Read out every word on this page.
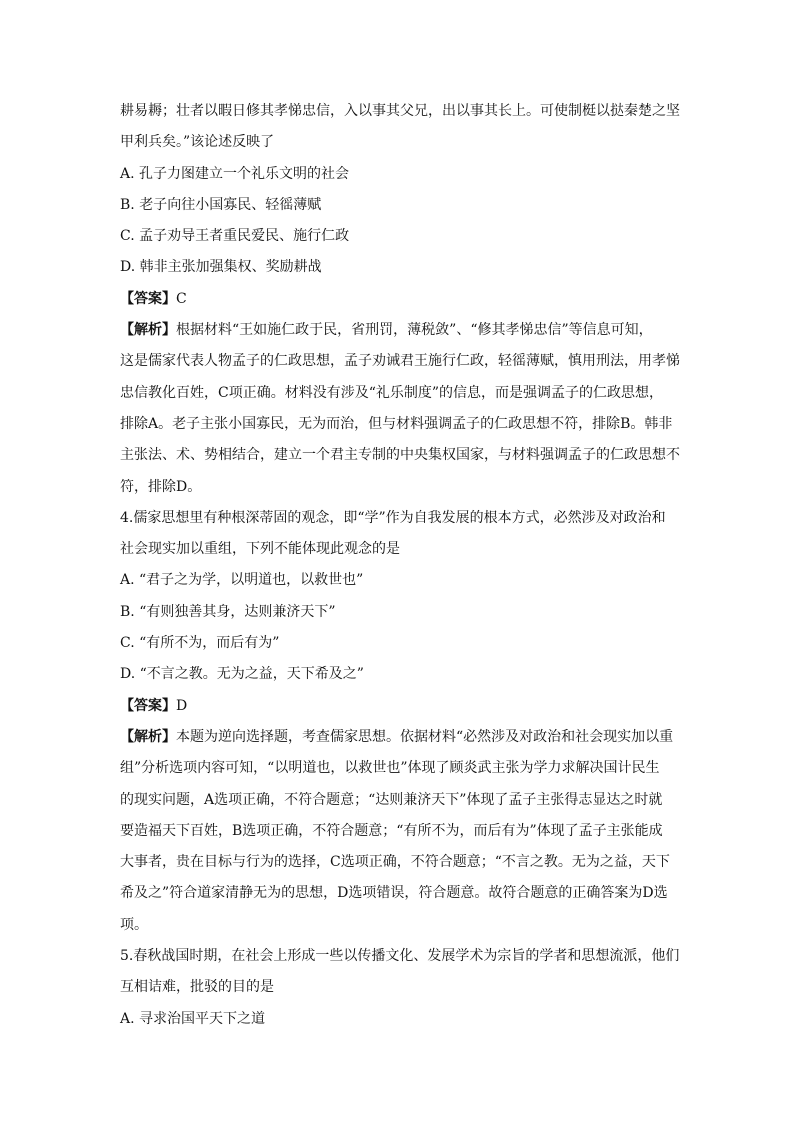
耕易耨；壮者以暇日修其孝悌忠信，入以事其父兄，出以事其长上。可使制梃以挞秦楚之坚
甲利兵矣。”该论述反映了
A. 孔子力图建立一个礼乐文明的社会
B. 老子向往小国寡民、轻徭薄赋
C. 孟子劝导王者重民爱民、施行仁政
D. 韩非主张加强集权、奖励耕战
【答案】C
【解析】根据材料“王如施仁政于民，省刑罚，薄税敛”、“修其孝悌忠信”等信息可知，
这是儒家代表人物孟子的仁政思想，孟子劝诫君王施行仁政，轻徭薄赋，慎用刑法，用孝悌
忠信教化百姓，C项正确。材料没有涉及“礼乐制度”的信息，而是强调孟子的仁政思想，
排除A。老子主张小国寡民，无为而治，但与材料强调孟子的仁政思想不符，排除B。韩非
主张法、术、势相结合，建立一个君主专制的中央集权国家，与材料强调孟子的仁政思想不
符，排除D。
4.儒家思想里有种根深蒂固的观念，即“学”作为自我发展的根本方式，必然涉及对政治和
社会现实加以重组，下列不能体现此观念的是
A. “君子之为学，以明道也，以救世也”
B. “有则独善其身，达则兼济天下”
C. “有所不为，而后有为”
D. “不言之教。无为之益，天下希及之”
【答案】D
【解析】本题为逆向选择题，考查儒家思想。依据材料“必然涉及对政治和社会现实加以重
组”分析选项内容可知，“以明道也，以救世也”体现了顾炎武主张为学力求解决国计民生
的现实问题，A选项正确，不符合题意；“达则兼济天下”体现了孟子主张得志显达之时就
要造福天下百姓，B选项正确，不符合题意；“有所不为，而后有为”体现了孟子主张能成
大事者，贵在目标与行为的选择，C选项正确，不符合题意；“不言之教。无为之益，天下
希及之”符合道家清静无为的思想，D选项错误，符合题意。故符合题意的正确答案为D选
项。
5.春秋战国时期，在社会上形成一些以传播文化、发展学术为宗旨的学者和思想流派，他们
互相诘难，批驳的目的是
A. 寻求治国平天下之道
